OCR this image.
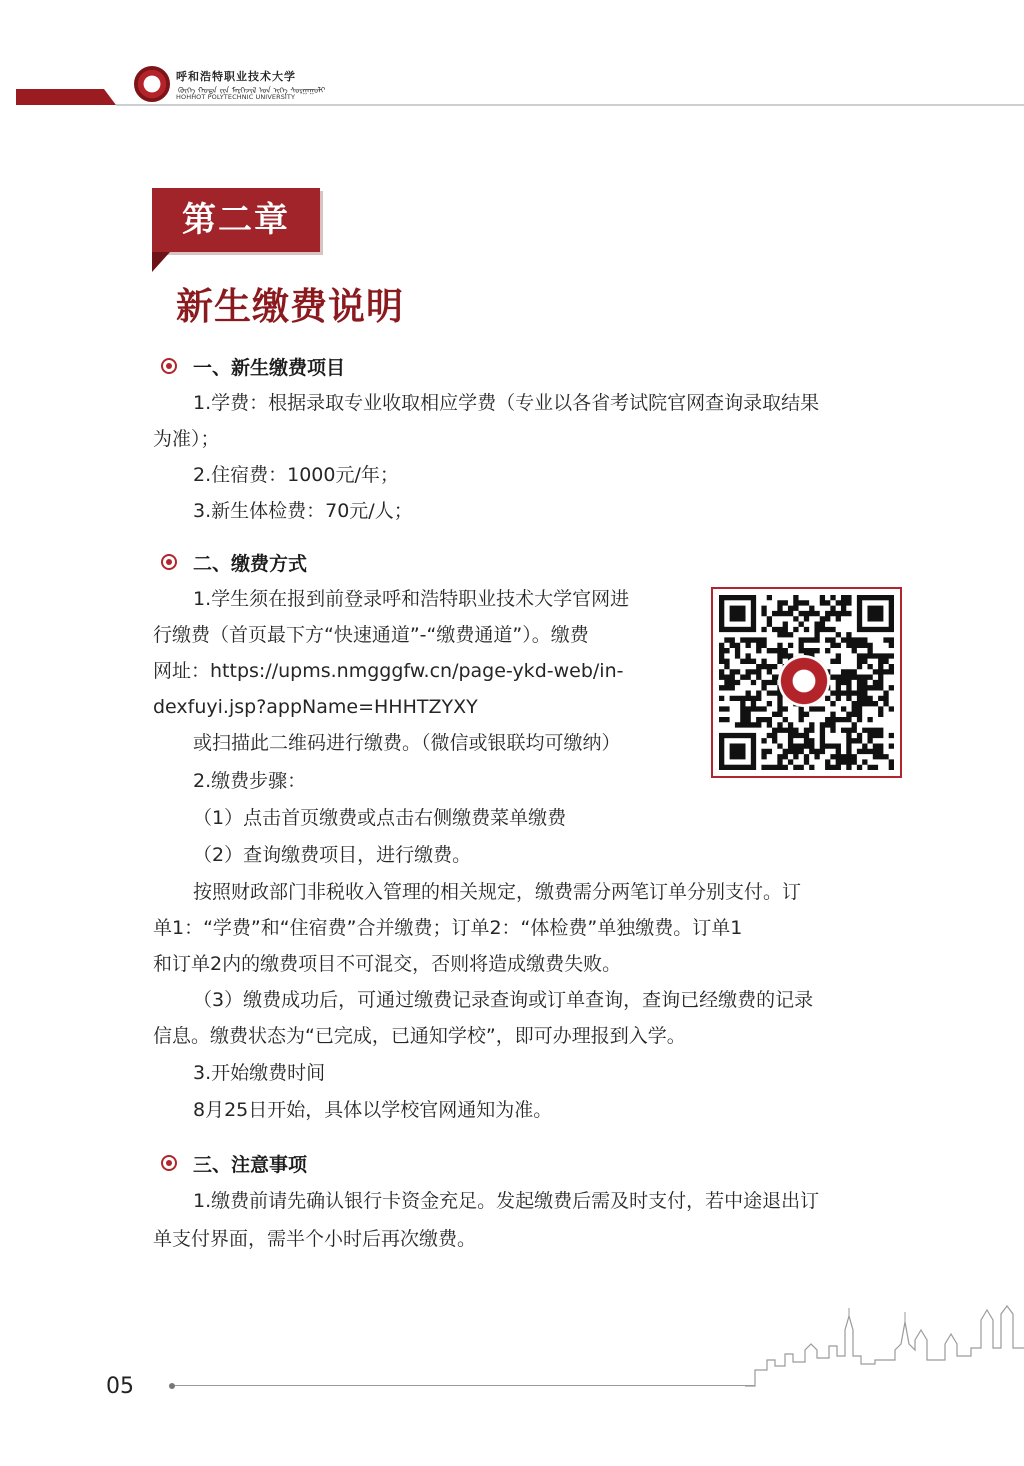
呼和浩特职业技术大学
ᠬᠥᠬᠡ ᠬᠣᠲᠠ ᠵᠢᠨ ᠮᠡᠷᠭᠡᠵᠢᠯ ᠤᠨ ᠢᠬᠡ ᠰᠤᠷᠭᠠᠭᠤᠯᠢ
HOHHOT POLYTECHNIC UNIVERSITY
第二章
新生缴费说明
一、新生缴费项目
1.学费：根据录取专业收取相应学费（专业以各省考试院官网查询录取结果
为准）；
2.住宿费：1000元/年；
3.新生体检费：70元/人；
二、缴费方式
1.学生须在报到前登录呼和浩特职业技术大学官网进
行缴费（首页最下方“快速通道”-“缴费通道”）。缴费
网址：https://upms.nmgggfw.cn/page-ykd-web/in-
dexfuyi.jsp?appName=HHHTZYXY
或扫描此二维码进行缴费。（微信或银联均可缴纳）
2.缴费步骤：
（1）点击首页缴费或点击右侧缴费菜单缴费
（2）查询缴费项目，进行缴费。
按照财政部门非税收入管理的相关规定，缴费需分两笔订单分别支付。订
单1：“学费”和“住宿费”合并缴费；订单2：“体检费”单独缴费。订单1
和订单2内的缴费项目不可混交，否则将造成缴费失败。
（3）缴费成功后，可通过缴费记录查询或订单查询，查询已经缴费的记录
信息。缴费状态为“已完成，已通知学校”，即可办理报到入学。
3.开始缴费时间
8月25日开始，具体以学校官网通知为准。
三、注意事项
1.缴费前请先确认银行卡资金充足。发起缴费后需及时支付，若中途退出订
单支付界面，需半个小时后再次缴费。
05
